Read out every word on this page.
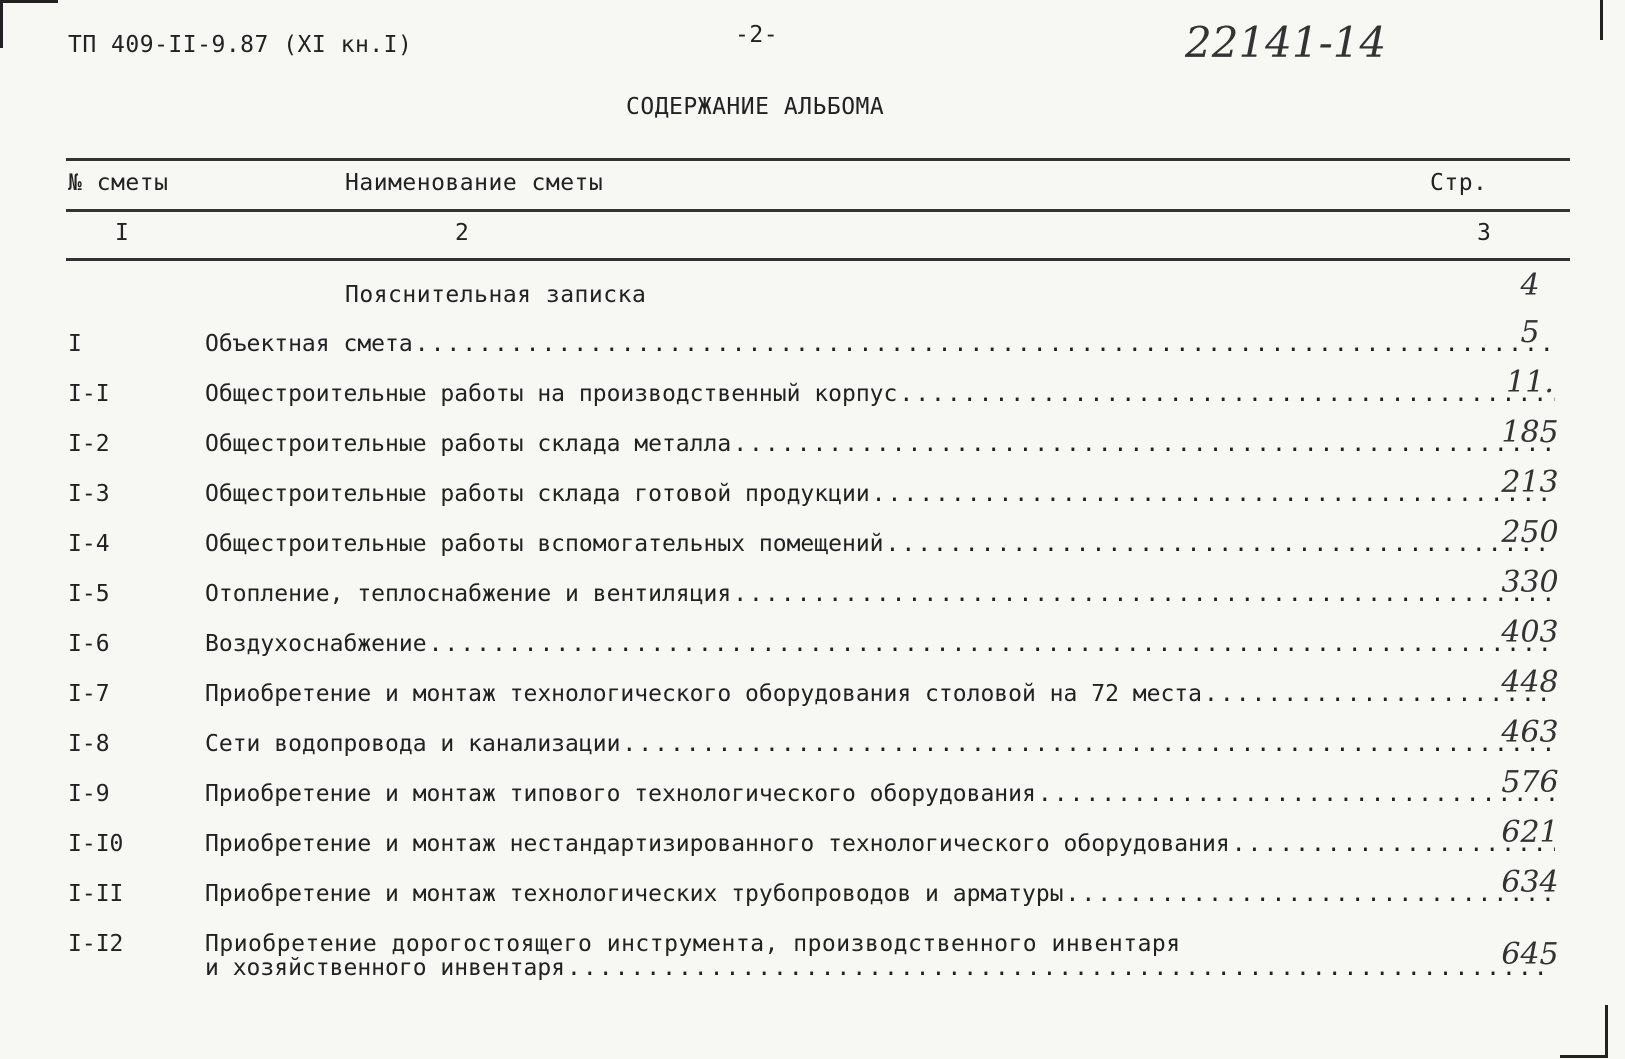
ТП 409-II-9.87 (XI кн.I)	-2-	22141-14
СОДЕРЖАНИЕ АЛЬБОМА
№ сметы	Наименование сметы	Стр.
I	2	3
Пояснительная записка	4
I	Объектная смета .....	5
I-I	Общестроительные работы на производственный корпус .....	11.
I-2	Общестроительные работы склада металла .....	185
I-3	Общестроительные работы склада готовой продукции .....	213
I-4	Общестроительные работы вспомогательных помещений .....	250
I-5	Отопление, теплоснабжение и вентиляция .....	330
I-6	Воздухоснабжение .....	403
I-7	Приобретение и монтаж технологического оборудования столовой на 72 места .....	448
I-8	Сети водопровода и канализации .....	463
I-9	Приобретение и монтаж типового технологического оборудования .....	576
I-I0	Приобретение и монтаж нестандартизированного технологического оборудования .....	621
I-II	Приобретение и монтаж технологических трубопроводов и арматуры .....	634
I-I2	Приобретение дорогостоящего инструмента, производственного инвентаря
и хозяйственного инвентаря .....	645
